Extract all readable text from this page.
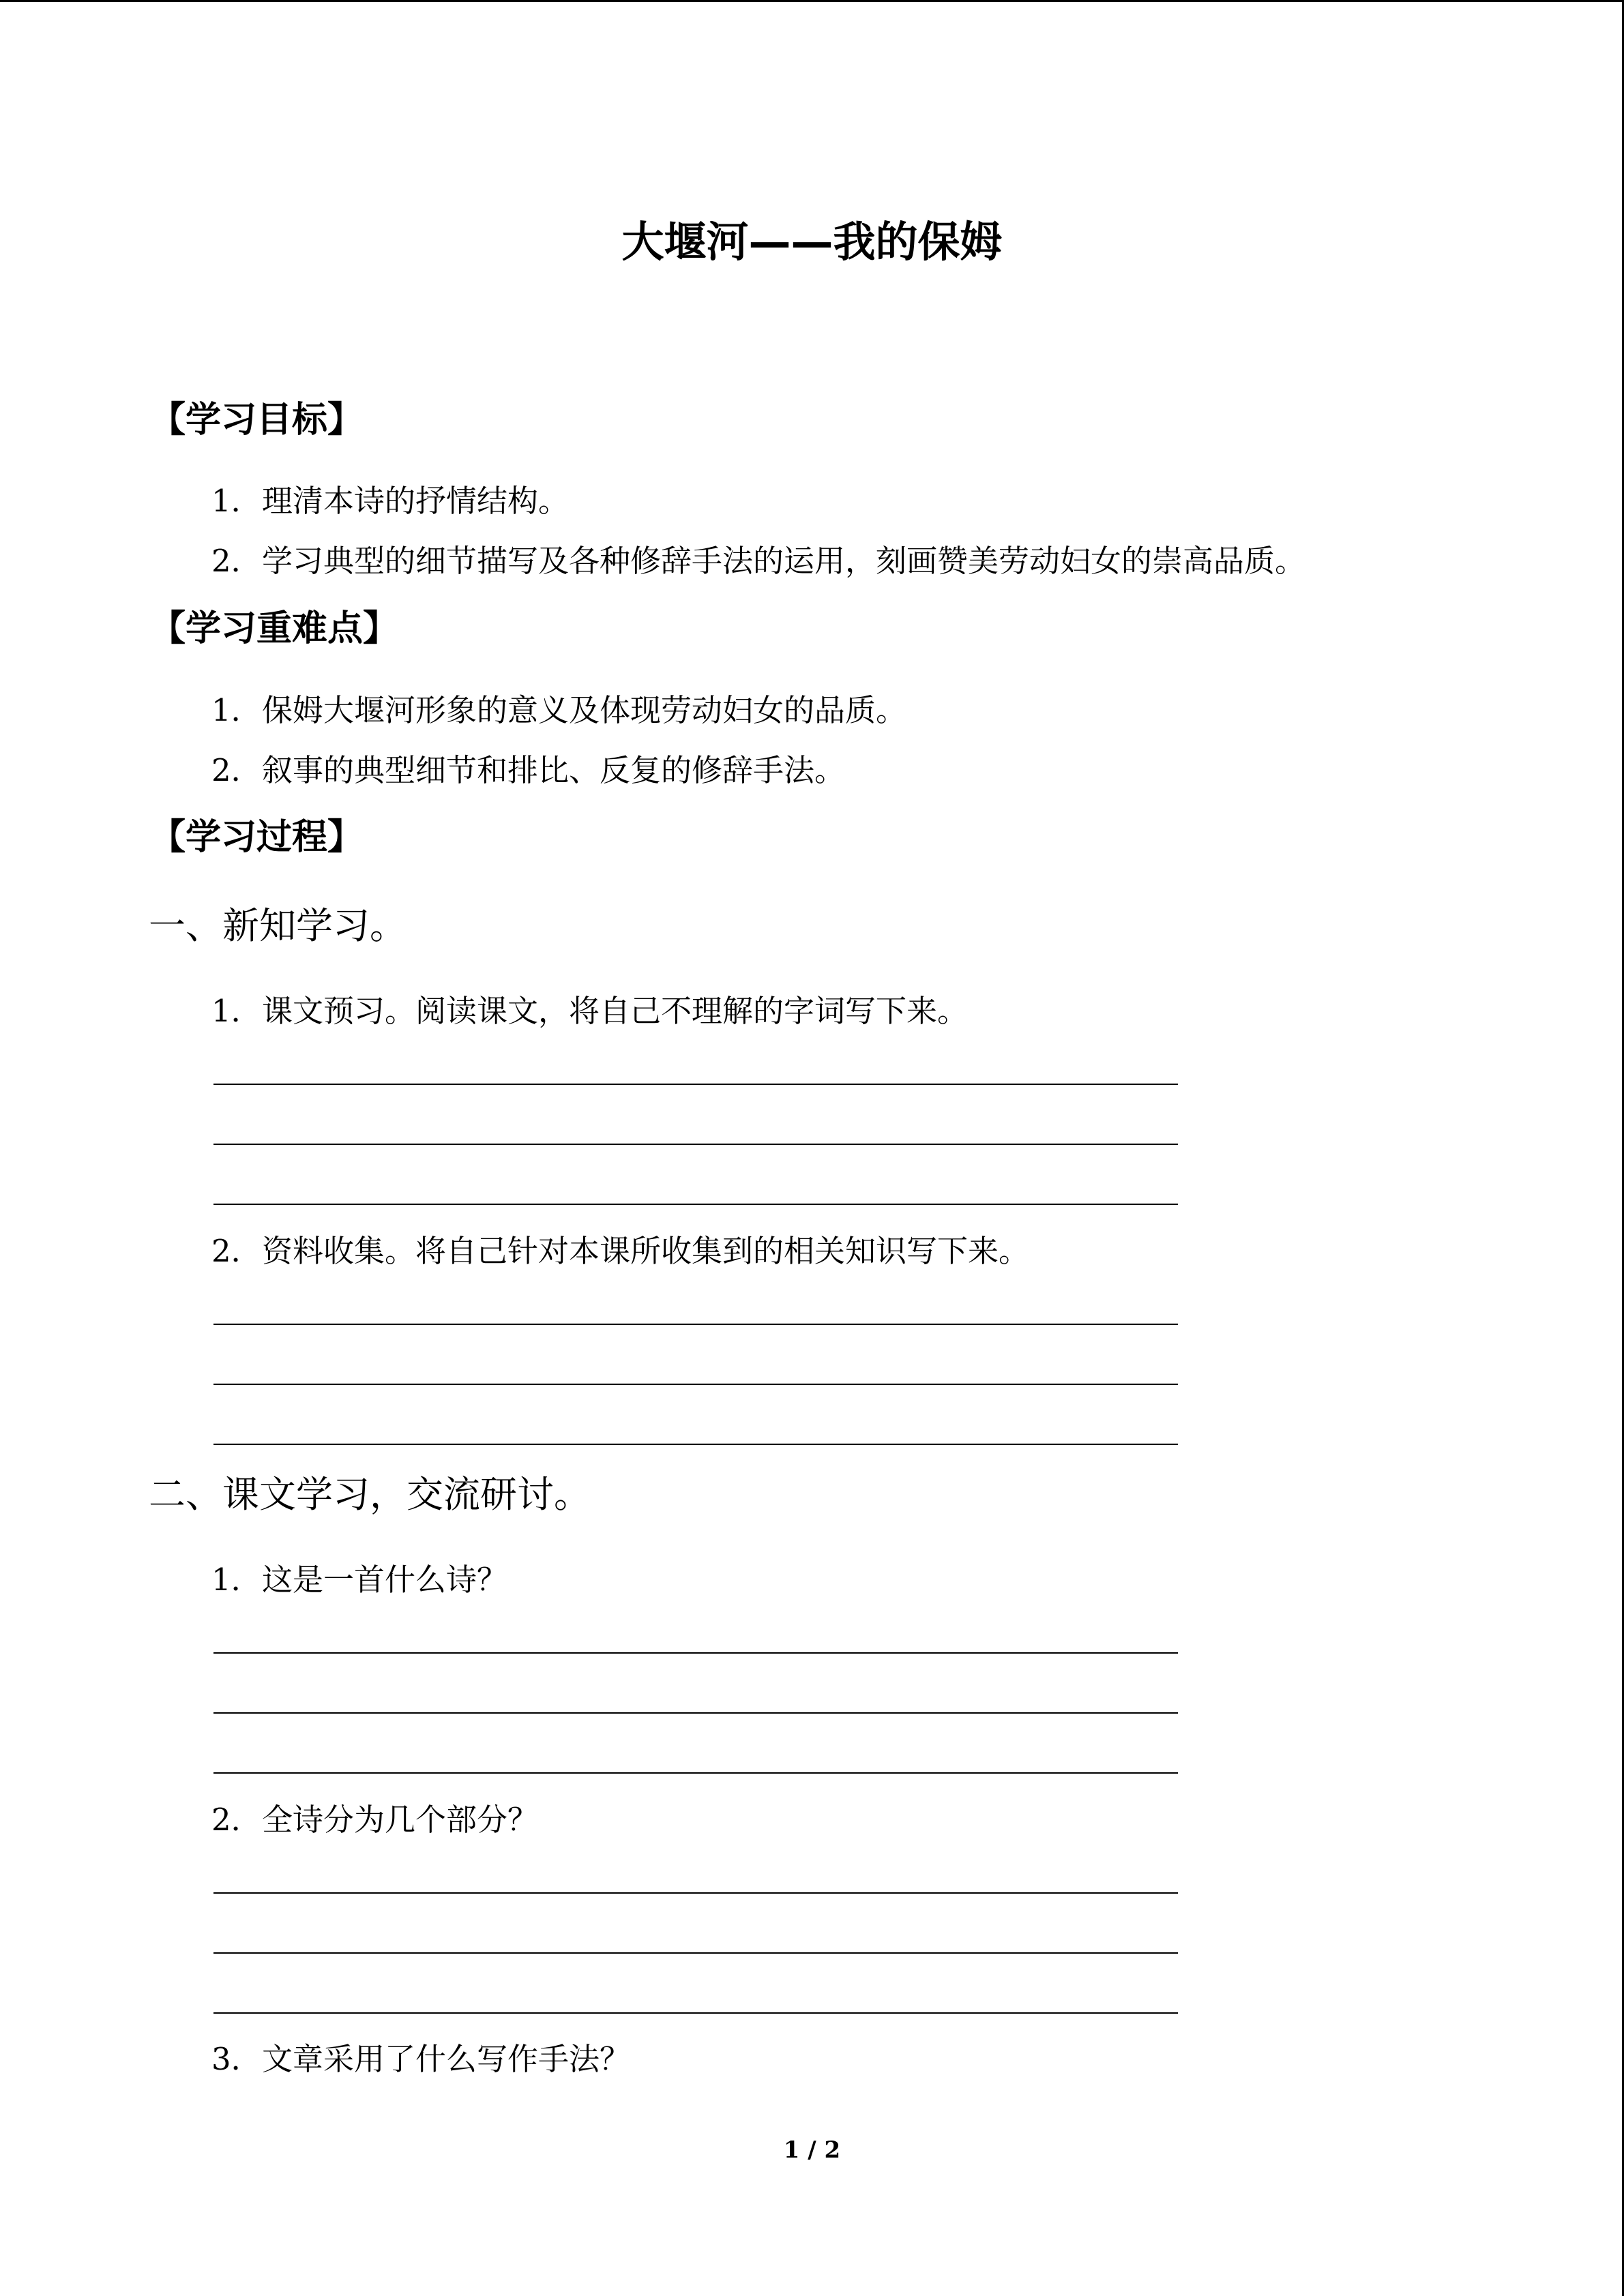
大堰河——我的保姆
【学习目标】
1．理清本诗的抒情结构。
2．学习典型的细节描写及各种修辞手法的运用，刻画赞美劳动妇女的崇高品质。
【学习重难点】
1．保姆大堰河形象的意义及体现劳动妇女的品质。
2．叙事的典型细节和排比、反复的修辞手法。
【学习过程】
一、新知学习。
1．课文预习。阅读课文，将自己不理解的字词写下来。
2．资料收集。将自己针对本课所收集到的相关知识写下来。
二、课文学习，交流研讨。
1．这是一首什么诗？
2．全诗分为几个部分？
3．文章采用了什么写作手法？
1 / 2
